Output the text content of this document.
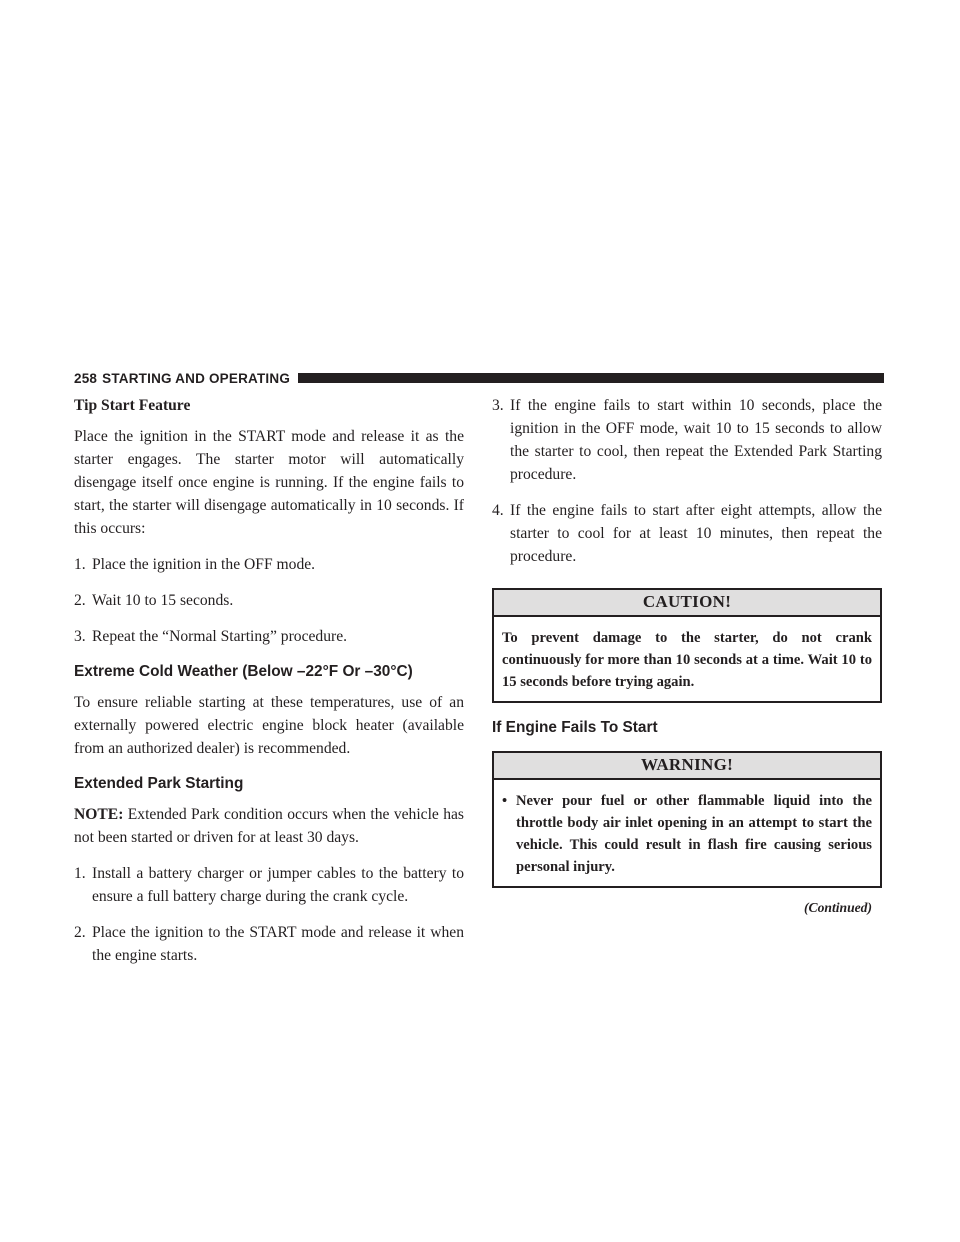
258 STARTING AND OPERATING
Tip Start Feature

Place the ignition in the START mode and release it as the starter engages. The starter motor will automatically disengage itself once engine is running. If the engine fails to start, the starter will disengage automatically in 10 seconds. If this occurs:

1. Place the ignition in the OFF mode.

2. Wait 10 to 15 seconds.

3. Repeat the “Normal Starting” procedure.

Extreme Cold Weather (Below –22°F Or –30°C)

To ensure reliable starting at these temperatures, use of an externally powered electric engine block heater (available from an authorized dealer) is recommended.

Extended Park Starting

NOTE: Extended Park condition occurs when the vehicle has not been started or driven for at least 30 days.

1. Install a battery charger or jumper cables to the battery to ensure a full battery charge during the crank cycle.

2. Place the ignition to the START mode and release it when the engine starts.

3. If the engine fails to start within 10 seconds, place the ignition in the OFF mode, wait 10 to 15 seconds to allow the starter to cool, then repeat the Extended Park Starting procedure.

4. If the engine fails to start after eight attempts, allow the starter to cool for at least 10 minutes, then repeat the procedure.

CAUTION!
To prevent damage to the starter, do not crank continuously for more than 10 seconds at a time. Wait 10 to 15 seconds before trying again.
If Engine Fails To Start
WARNING!
• Never pour fuel or other flammable liquid into the throttle body air inlet opening in an attempt to start the vehicle. This could result in flash fire causing serious personal injury.
(Continued)
